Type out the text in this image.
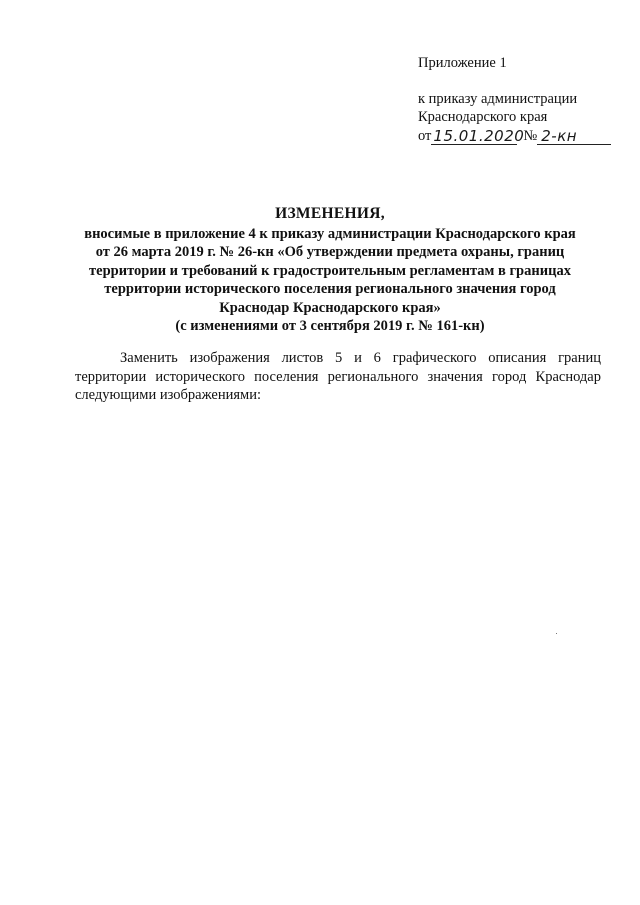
Приложение 1
к приказу администрации
Краснодарского края
от 15.01.2020 № 2-кн
ИЗМЕНЕНИЯ,
вносимые в приложение 4 к приказу администрации Краснодарского края
от 26 марта 2019 г. № 26-кн «Об утверждении предмета охраны, границ
территории и требований к градостроительным регламентам в границах
территории исторического поселения регионального значения город
Краснодар Краснодарского края»
(с изменениями от 3 сентября 2019 г. № 161-кн)

Заменить изображения листов 5 и 6 графического описания границ территории исторического поселения регионального значения город Краснодар следующими изображениями:
